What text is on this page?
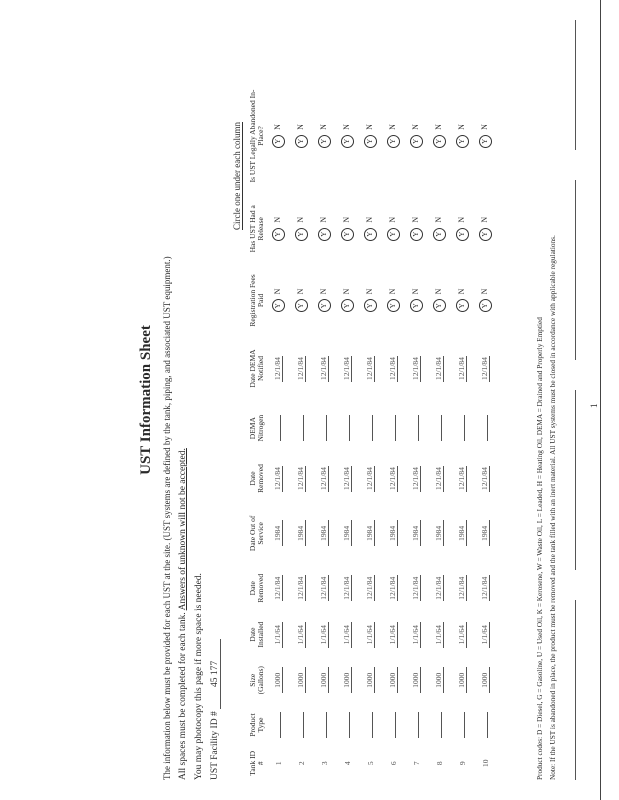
UST Information Sheet The information below must be provided for each UST at the site. (UST systems are defined by the tank, piping, and associated UST equipment.) All spaces must be completed for each tank. Answers of unknown will not be accepted.
You may photocopy this page if more space is needed. UST Facility ID # 45 177
Circle one under each column
Tank ID #	Product Type	Size (Gallons)	Date Installed	Date Removed	Date Out of Service	Date Removed	DEMA Nitrogen	Date DEMA Notified	Registration Fees Paid	Has UST Had a Release	Is UST Legally Abandoned In-Place?
1		1000	1/1/64	12/1/84	1984	12/1/84		12/1/84	YN	YN	YN
2		1000	1/1/64	12/1/84	1984	12/1/84		12/1/84	YN	YN	YN
3		1000	1/1/64	12/1/84	1984	12/1/84		12/1/84	YN	YN	YN
4		1000	1/1/64	12/1/84	1984	12/1/84		12/1/84	YN	YN	YN
5		1000	1/1/64	12/1/84	1984	12/1/84		12/1/84	YN	YN	YN
6		1000	1/1/64	12/1/84	1984	12/1/84		12/1/84	YN	YN	YN
7		1000	1/1/64	12/1/84	1984	12/1/84		12/1/84	YN	YN	YN
8		1000	1/1/64	12/1/84	1984	12/1/84		12/1/84	YN	YN	YN
9		1000	1/1/64	12/1/84	1984	12/1/84		12/1/84	YN	YN	YN
10		1000	1/1/64	12/1/84	1984	12/1/84		12/1/84	YN	YN	YN
Product codes: D = Diesel, G = Gasoline, U = Used Oil, K = Kerosene, W = Waste Oil, L = Leaded, H = Heating Oil, DEMA = Drained and Properly Emptied Note: If the UST is abandoned in place, the product must be removed and the tank filled with an inert material. All UST systems must be closed in accordance with applicable regulations.	1
